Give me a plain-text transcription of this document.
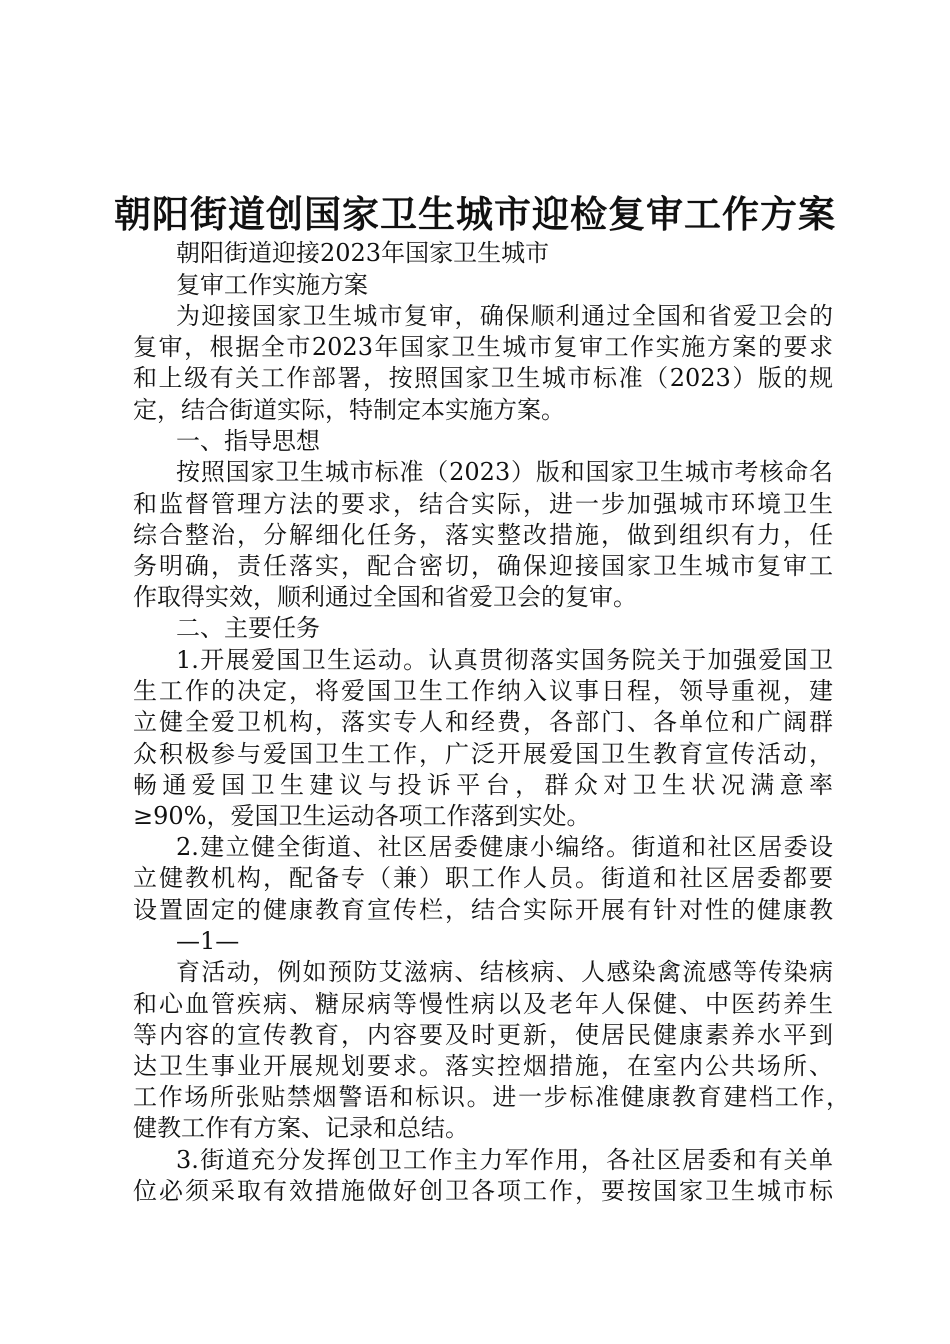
朝阳街道创国家卫生城市迎检复审工作方案
朝阳街道迎接2023年国家卫生城市
复审工作实施方案
为迎接国家卫生城市复审，确保顺利通过全国和省爱卫会的
复审，根据全市2023年国家卫生城市复审工作实施方案的要求
和上级有关工作部署，按照国家卫生城市标准（2023）版的规
定，结合街道实际，特制定本实施方案。
一、指导思想
按照国家卫生城市标准（2023）版和国家卫生城市考核命名
和监督管理方法的要求，结合实际，进一步加强城市环境卫生
综合整治，分解细化任务，落实整改措施，做到组织有力，任
务明确，责任落实，配合密切，确保迎接国家卫生城市复审工
作取得实效，顺利通过全国和省爱卫会的复审。
二、主要任务
1.开展爱国卫生运动。认真贯彻落实国务院关于加强爱国卫
生工作的决定，将爱国卫生工作纳入议事日程，领导重视，建
立健全爱卫机构，落实专人和经费，各部门、各单位和广阔群
众积极参与爱国卫生工作，广泛开展爱国卫生教育宣传活动，
畅通爱国卫生建议与投诉平台，群众对卫生状况满意率
≥90%，爱国卫生运动各项工作落到实处。
2.建立健全街道、社区居委健康小编络。街道和社区居委设
立健教机构，配备专（兼）职工作人员。街道和社区居委都要
设置固定的健康教育宣传栏，结合实际开展有针对性的健康教
—1—
育活动，例如预防艾滋病、结核病、人感染禽流感等传染病
和心血管疾病、糖尿病等慢性病以及老年人保健、中医药养生
等内容的宣传教育，内容要及时更新，使居民健康素养水平到
达卫生事业开展规划要求。落实控烟措施，在室内公共场所、
工作场所张贴禁烟警语和标识。进一步标准健康教育建档工作，
健教工作有方案、记录和总结。
3.街道充分发挥创卫工作主力军作用，各社区居委和有关单
位必须采取有效措施做好创卫各项工作，要按国家卫生城市标
